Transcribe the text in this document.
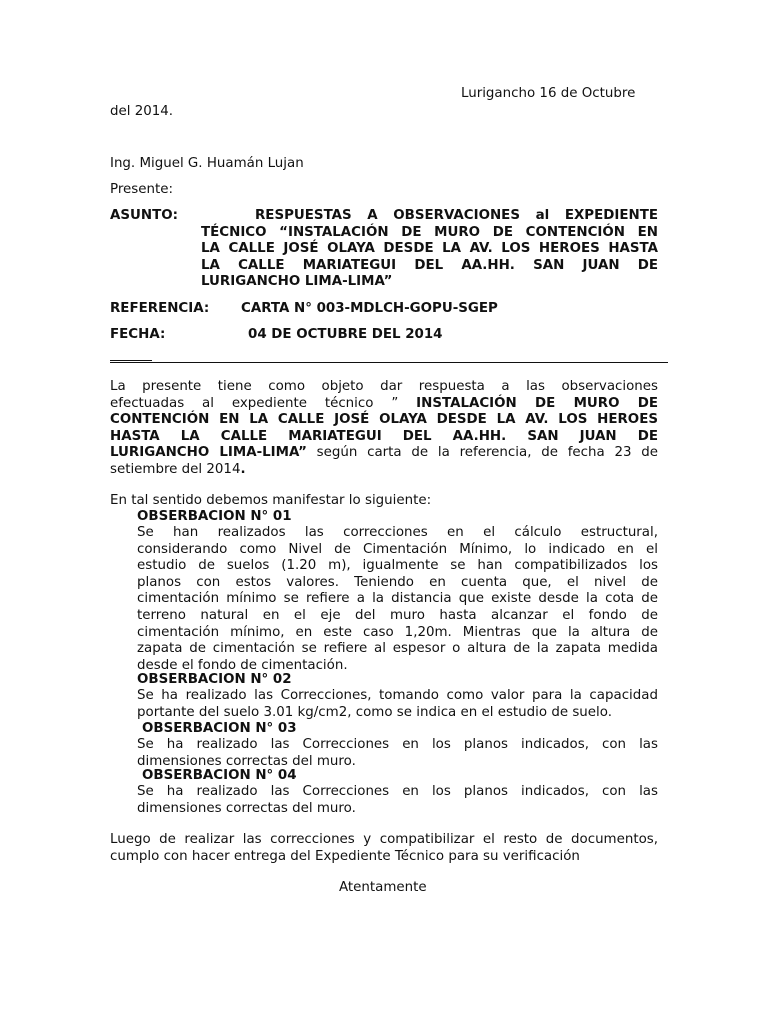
Lurigancho 16 de Octubre
del 2014.
Ing. Miguel G. Huamán Lujan
Presente:
ASUNTO:	RESPUESTAS A OBSERVACIONES al EXPEDIENTE
TÉCNICO “INSTALACIÓN DE MURO DE CONTENCIÓN EN
LA CALLE JOSÉ OLAYA DESDE LA AV. LOS HEROES HASTA
LA CALLE MARIATEGUI DEL AA.HH. SAN JUAN DE
LURIGANCHO LIMA-LIMA”
REFERENCIA: CARTA N° 003-MDLCH-GOPU-SGEP
FECHA:	04 DE OCTUBRE DEL 2014
La presente tiene como objeto dar respuesta a las observaciones
efectuadas al expediente técnico ” INSTALACIÓN DE MURO DE
CONTENCIÓN EN LA CALLE JOSÉ OLAYA DESDE LA AV. LOS HEROES
HASTA LA CALLE MARIATEGUI DEL AA.HH. SAN JUAN DE
LURIGANCHO LIMA-LIMA” según carta de la referencia, de fecha 23 de
setiembre del 2014.
En tal sentido debemos manifestar lo siguiente:
OBSERBACION N° 01
Se han realizados las correcciones en el cálculo estructural,
considerando como Nivel de Cimentación Mínimo, lo indicado en el
estudio de suelos (1.20 m), igualmente se han compatibilizados los
planos con estos valores. Teniendo en cuenta que, el nivel de
cimentación mínimo se refiere a la distancia que existe desde la cota de
terreno natural en el eje del muro hasta alcanzar el fondo de
cimentación mínimo, en este caso 1,20m. Mientras que la altura de
zapata de cimentación se refiere al espesor o altura de la zapata medida
desde el fondo de cimentación.
OBSERBACION N° 02
Se ha realizado las Correcciones, tomando como valor para la capacidad
portante del suelo 3.01 kg/cm2, como se indica en el estudio de suelo.
OBSERBACION N° 03
Se ha realizado las Correcciones en los planos indicados, con las
dimensiones correctas del muro.
OBSERBACION N° 04
Se ha realizado las Correcciones en los planos indicados, con las
dimensiones correctas del muro.
Luego de realizar las correcciones y compatibilizar el resto de documentos,
cumplo con hacer entrega del Expediente Técnico para su verificación
Atentamente
